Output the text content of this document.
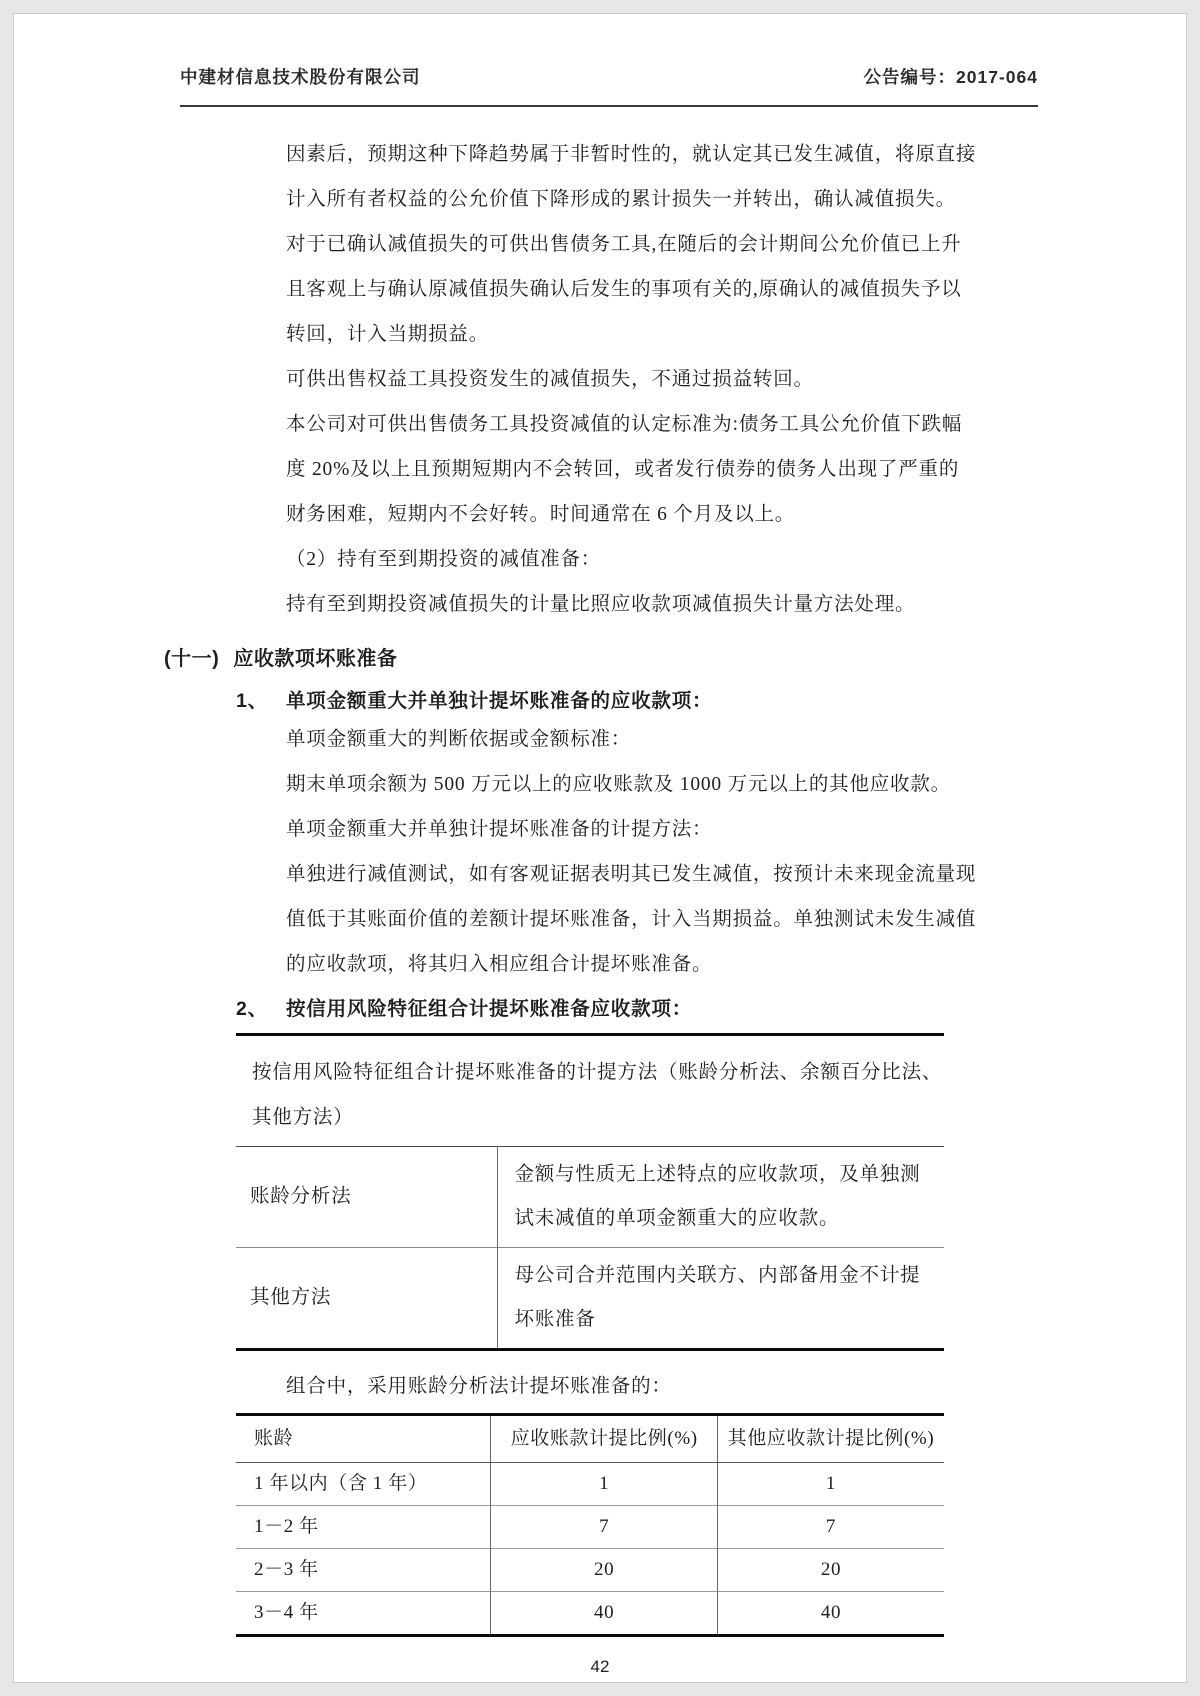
中建材信息技术股份有限公司	公告编号：2017-064
因素后，预期这种下降趋势属于非暂时性的，就认定其已发生减值，将原直接
计入所有者权益的公允价值下降形成的累计损失一并转出，确认减值损失。
对于已确认减值损失的可供出售债务工具,在随后的会计期间公允价值已上升
且客观上与确认原减值损失确认后发生的事项有关的,原确认的减值损失予以
转回，计入当期损益。
可供出售权益工具投资发生的减值损失，不通过损益转回。
本公司对可供出售债务工具投资减值的认定标准为:债务工具公允价值下跌幅
度 20%及以上且预期短期内不会转回，或者发行债券的债务人出现了严重的
财务困难，短期内不会好转。时间通常在 6 个月及以上。
（2）持有至到期投资的减值准备：
持有至到期投资减值损失的计量比照应收款项减值损失计量方法处理。
(十一) 应收款项坏账准备
1、 单项金额重大并单独计提坏账准备的应收款项：
单项金额重大的判断依据或金额标准：
期末单项余额为 500 万元以上的应收账款及 1000 万元以上的其他应收款。
单项金额重大并单独计提坏账准备的计提方法：
单独进行减值测试，如有客观证据表明其已发生减值，按预计未来现金流量现
值低于其账面价值的差额计提坏账准备，计入当期损益。单独测试未发生减值
的应收款项，将其归入相应组合计提坏账准备。
2、 按信用风险特征组合计提坏账准备应收款项：
按信用风险特征组合计提坏账准备的计提方法（账龄分析法、余额百分比法、其他方法）
账龄分析法	金额与性质无上述特点的应收款项，及单独测试未减值的单项金额重大的应收款。
其他方法	母公司合并范围内关联方、内部备用金不计提坏账准备
组合中，采用账龄分析法计提坏账准备的：
账龄	应收账款计提比例(%)	其他应收款计提比例(%)
1 年以内（含 1 年）	1	1
1－2 年	7	7
2－3 年	20	20
3－4 年	40	40
42
